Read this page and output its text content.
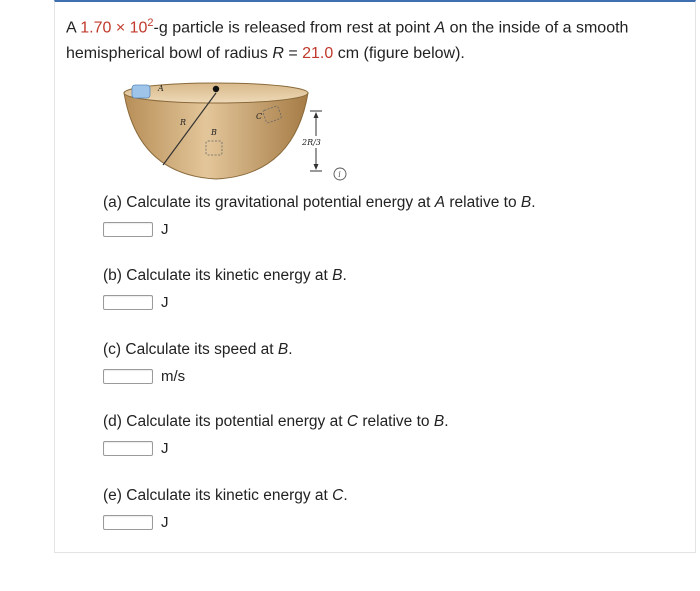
A $1.70 \times 10^2-g$ particle is released from rest at point A on the inside of a smooth hemispherical bowl of radius R = 21.0 cm (figure below).
A
R
B
C
2R/3
i
(a) Calculate its gravitational potential energy at A relative to B.
J
(b) Calculate its kinetic energy at B.
J
(c) Calculate its speed at B.
m/s
(d) Calculate its potential energy at C relative to B.
J
(e) Calculate its kinetic energy at C.
J
